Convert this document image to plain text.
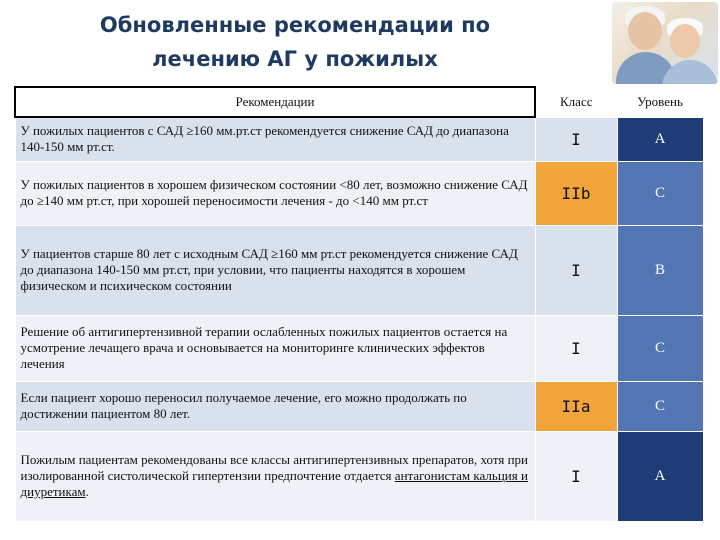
Обновленные рекомендации по лечению АГ у пожилых
Рекомендации	Класс	Уровень
У пожилых пациентов с САД ≥160 мм.рт.ст рекомендуется снижение САД до диапазона 140-150 мм рт.ст.	I	A
У пожилых пациентов в хорошем физическом состоянии <80 лет, возможно снижение САД до ≥140 мм рт.ст, при хорошей переносимости лечения - до <140 мм рт.ст	IIb	C
У пациентов старше 80 лет с исходным САД ≥160 мм рт.ст рекомендуется снижение САД до диапазона 140-150 мм рт.ст, при условии, что пациенты находятся в хорошем физическом и психическом состоянии	I	B
Решение об антигипертензивной терапии ослабленных пожилых пациентов остается на усмотрение лечащего врача и основывается на мониторинге клинических эффектов лечения	I	C
Если пациент хорошо переносил получаемое лечение, его можно продолжать по достижении пациентом 80 лет.	IIa	C
Пожилым пациентам рекомендованы все классы антигипертензивных препаратов, хотя при изолированной систолической гипертензии предпочтение отдается антагонистам кальция и диуретикам.	I	A
